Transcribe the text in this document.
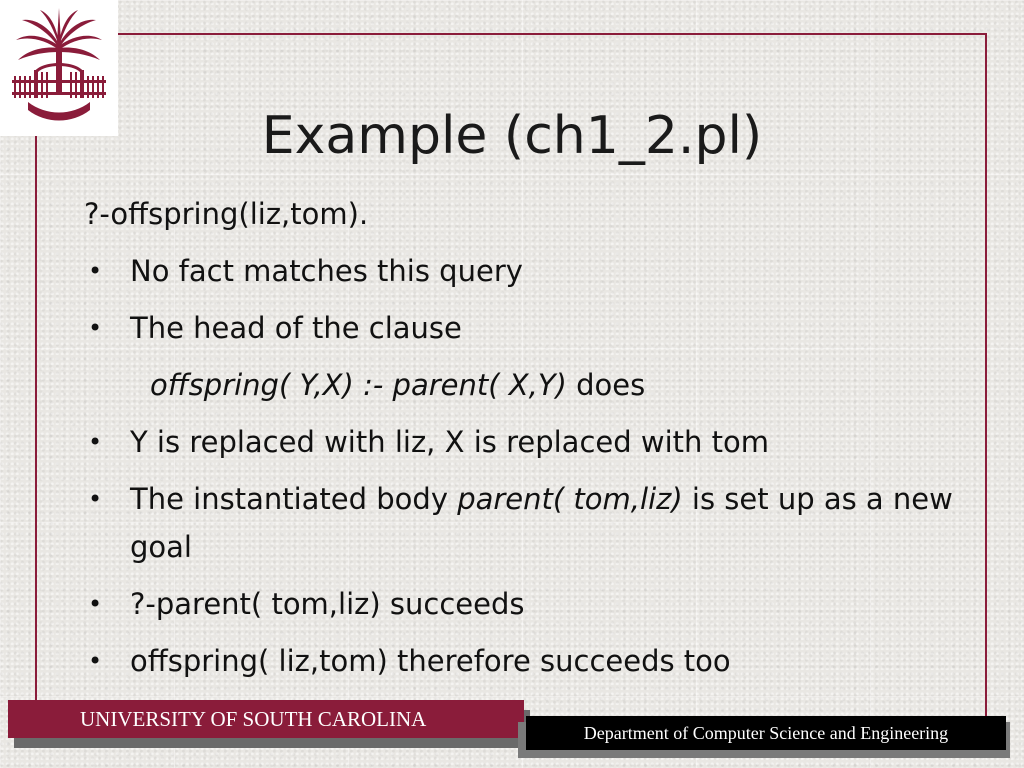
Example (ch1_2.pl)
?-offspring(liz,tom).
• No fact matches this query
• The head of the clause
offspring( Y,X) :- parent( X,Y) does
• Y is replaced with liz, X is replaced with tom
• The instantiated body parent( tom,liz) is set up as a new goal
• ?-parent( tom,liz) succeeds
• offspring( liz,tom) therefore succeeds too
UNIVERSITY OF SOUTH CAROLINA
Department of Computer Science and Engineering
